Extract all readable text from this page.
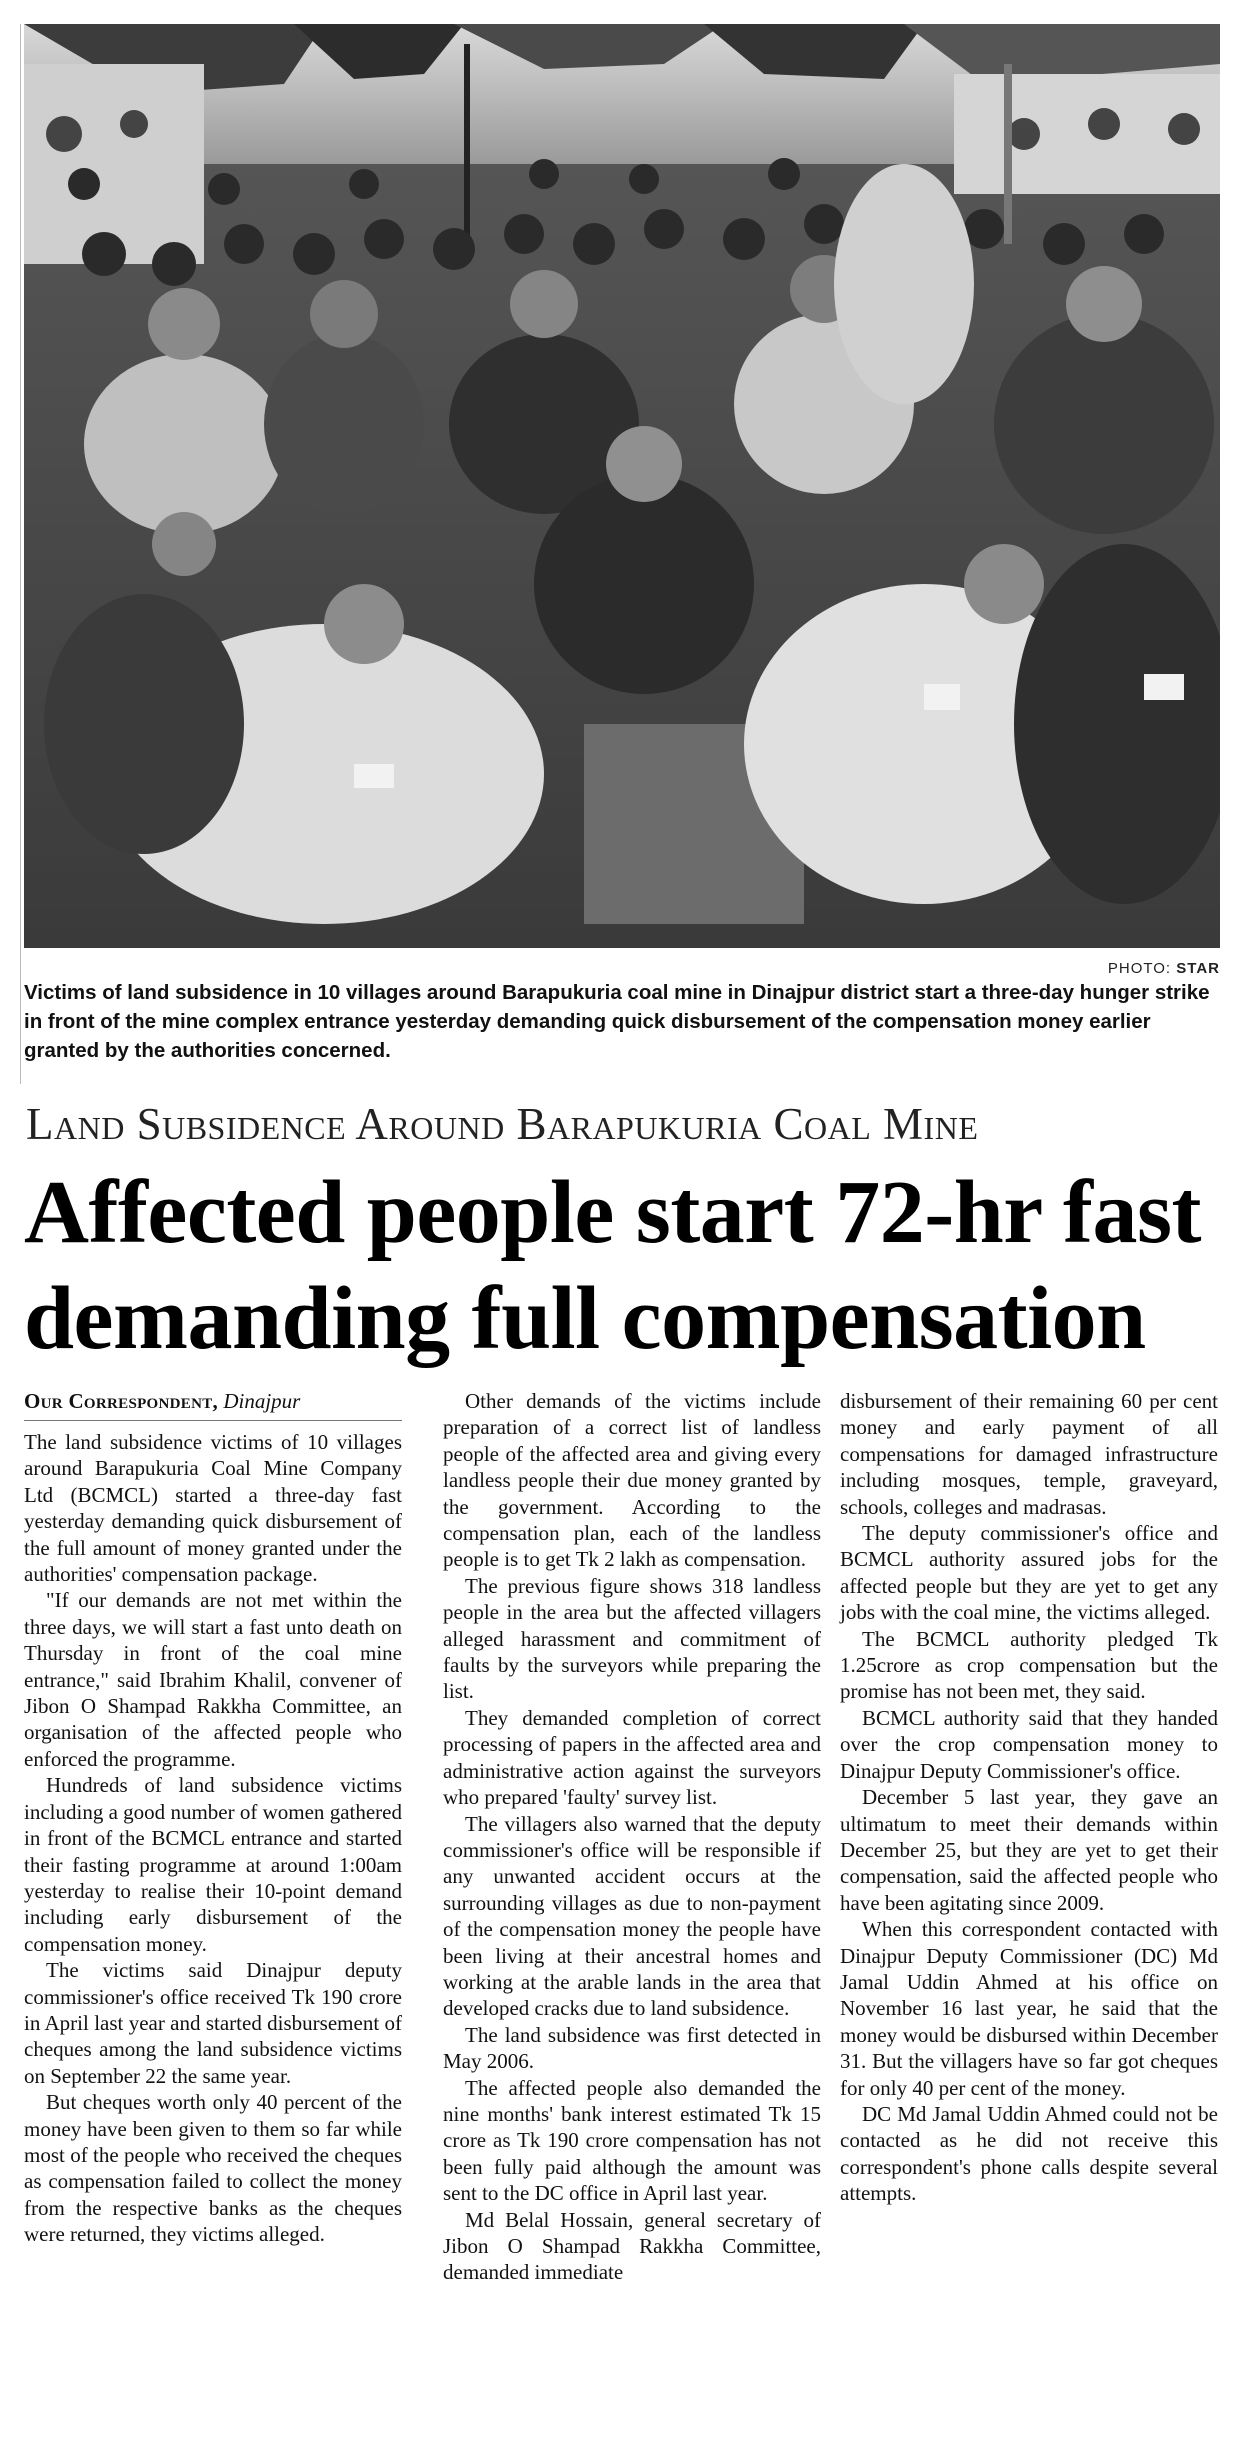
PHOTO: STAR
Victims of land subsidence in 10 villages around Barapukuria coal mine in Dinajpur district start a three-day hunger strike in front of the mine complex entrance yesterday demanding quick disbursement of the compensation money earlier granted by the authorities concerned.
Land Subsidence Around Barapukuria Coal Mine
Affected people start 72-hr fast demanding full compensation
Our Correspondent, Dinajpur

The land subsidence victims of 10 villages around Barapukuria Coal Mine Company Ltd (BCMCL) started a three-day fast yesterday demanding quick disbursement of the full amount of money granted under the authorities' compensation package.

"If our demands are not met within the three days, we will start a fast unto death on Thursday in front of the coal mine entrance," said Ibrahim Khalil, convener of Jibon O Shampad Rakkha Committee, an organisation of the affected people who enforced the programme.

Hundreds of land subsidence victims including a good number of women gathered in front of the BCMCL entrance and started their fasting programme at around 1:00am yesterday to realise their 10-point demand including early disbursement of the compensation money.

The victims said Dinajpur deputy commissioner's office received Tk 190 crore in April last year and started disbursement of cheques among the land subsidence victims on September 22 the same year.

But cheques worth only 40 percent of the money have been given to them so far while most of the people who received the cheques as compensation failed to collect the money from the respective banks as the cheques were returned, they victims alleged.

Other demands of the victims include preparation of a correct list of landless people of the affected area and giving every landless people their due money granted by the government. According to the compensation plan, each of the landless people is to get Tk 2 lakh as compensation.

The previous figure shows 318 landless people in the area but the affected villagers alleged harassment and commitment of faults by the surveyors while preparing the list.

They demanded completion of correct processing of papers in the affected area and administrative action against the surveyors who prepared 'faulty' survey list.

The villagers also warned that the deputy commissioner's office will be responsible if any unwanted accident occurs at the surrounding villages as due to non-payment of the compensation money the people have been living at their ancestral homes and working at the arable lands in the area that developed cracks due to land subsidence.

The land subsidence was first detected in May 2006.

The affected people also demanded the nine months' bank interest estimated Tk 15 crore as Tk 190 crore compensation has not been fully paid although the amount was sent to the DC office in April last year.

Md Belal Hossain, general secretary of Jibon O Shampad Rakkha Committee, demanded immediate

disbursement of their remaining 60 per cent money and early payment of all compensations for damaged infrastructure including mosques, temple, graveyard, schools, colleges and madrasas.

The deputy commissioner's office and BCMCL authority assured jobs for the affected people but they are yet to get any jobs with the coal mine, the victims alleged.

The BCMCL authority pledged Tk 1.25crore as crop compensation but the promise has not been met, they said.

BCMCL authority said that they handed over the crop compensation money to Dinajpur Deputy Commissioner's office.

December 5 last year, they gave an ultimatum to meet their demands within December 25, but they are yet to get their compensation, said the affected people who have been agitating since 2009.

When this correspondent contacted with Dinajpur Deputy Commissioner (DC) Md Jamal Uddin Ahmed at his office on November 16 last year, he said that the money would be disbursed within December 31. But the villagers have so far got cheques for only 40 per cent of the money.

DC Md Jamal Uddin Ahmed could not be contacted as he did not receive this correspondent's phone calls despite several attempts.
